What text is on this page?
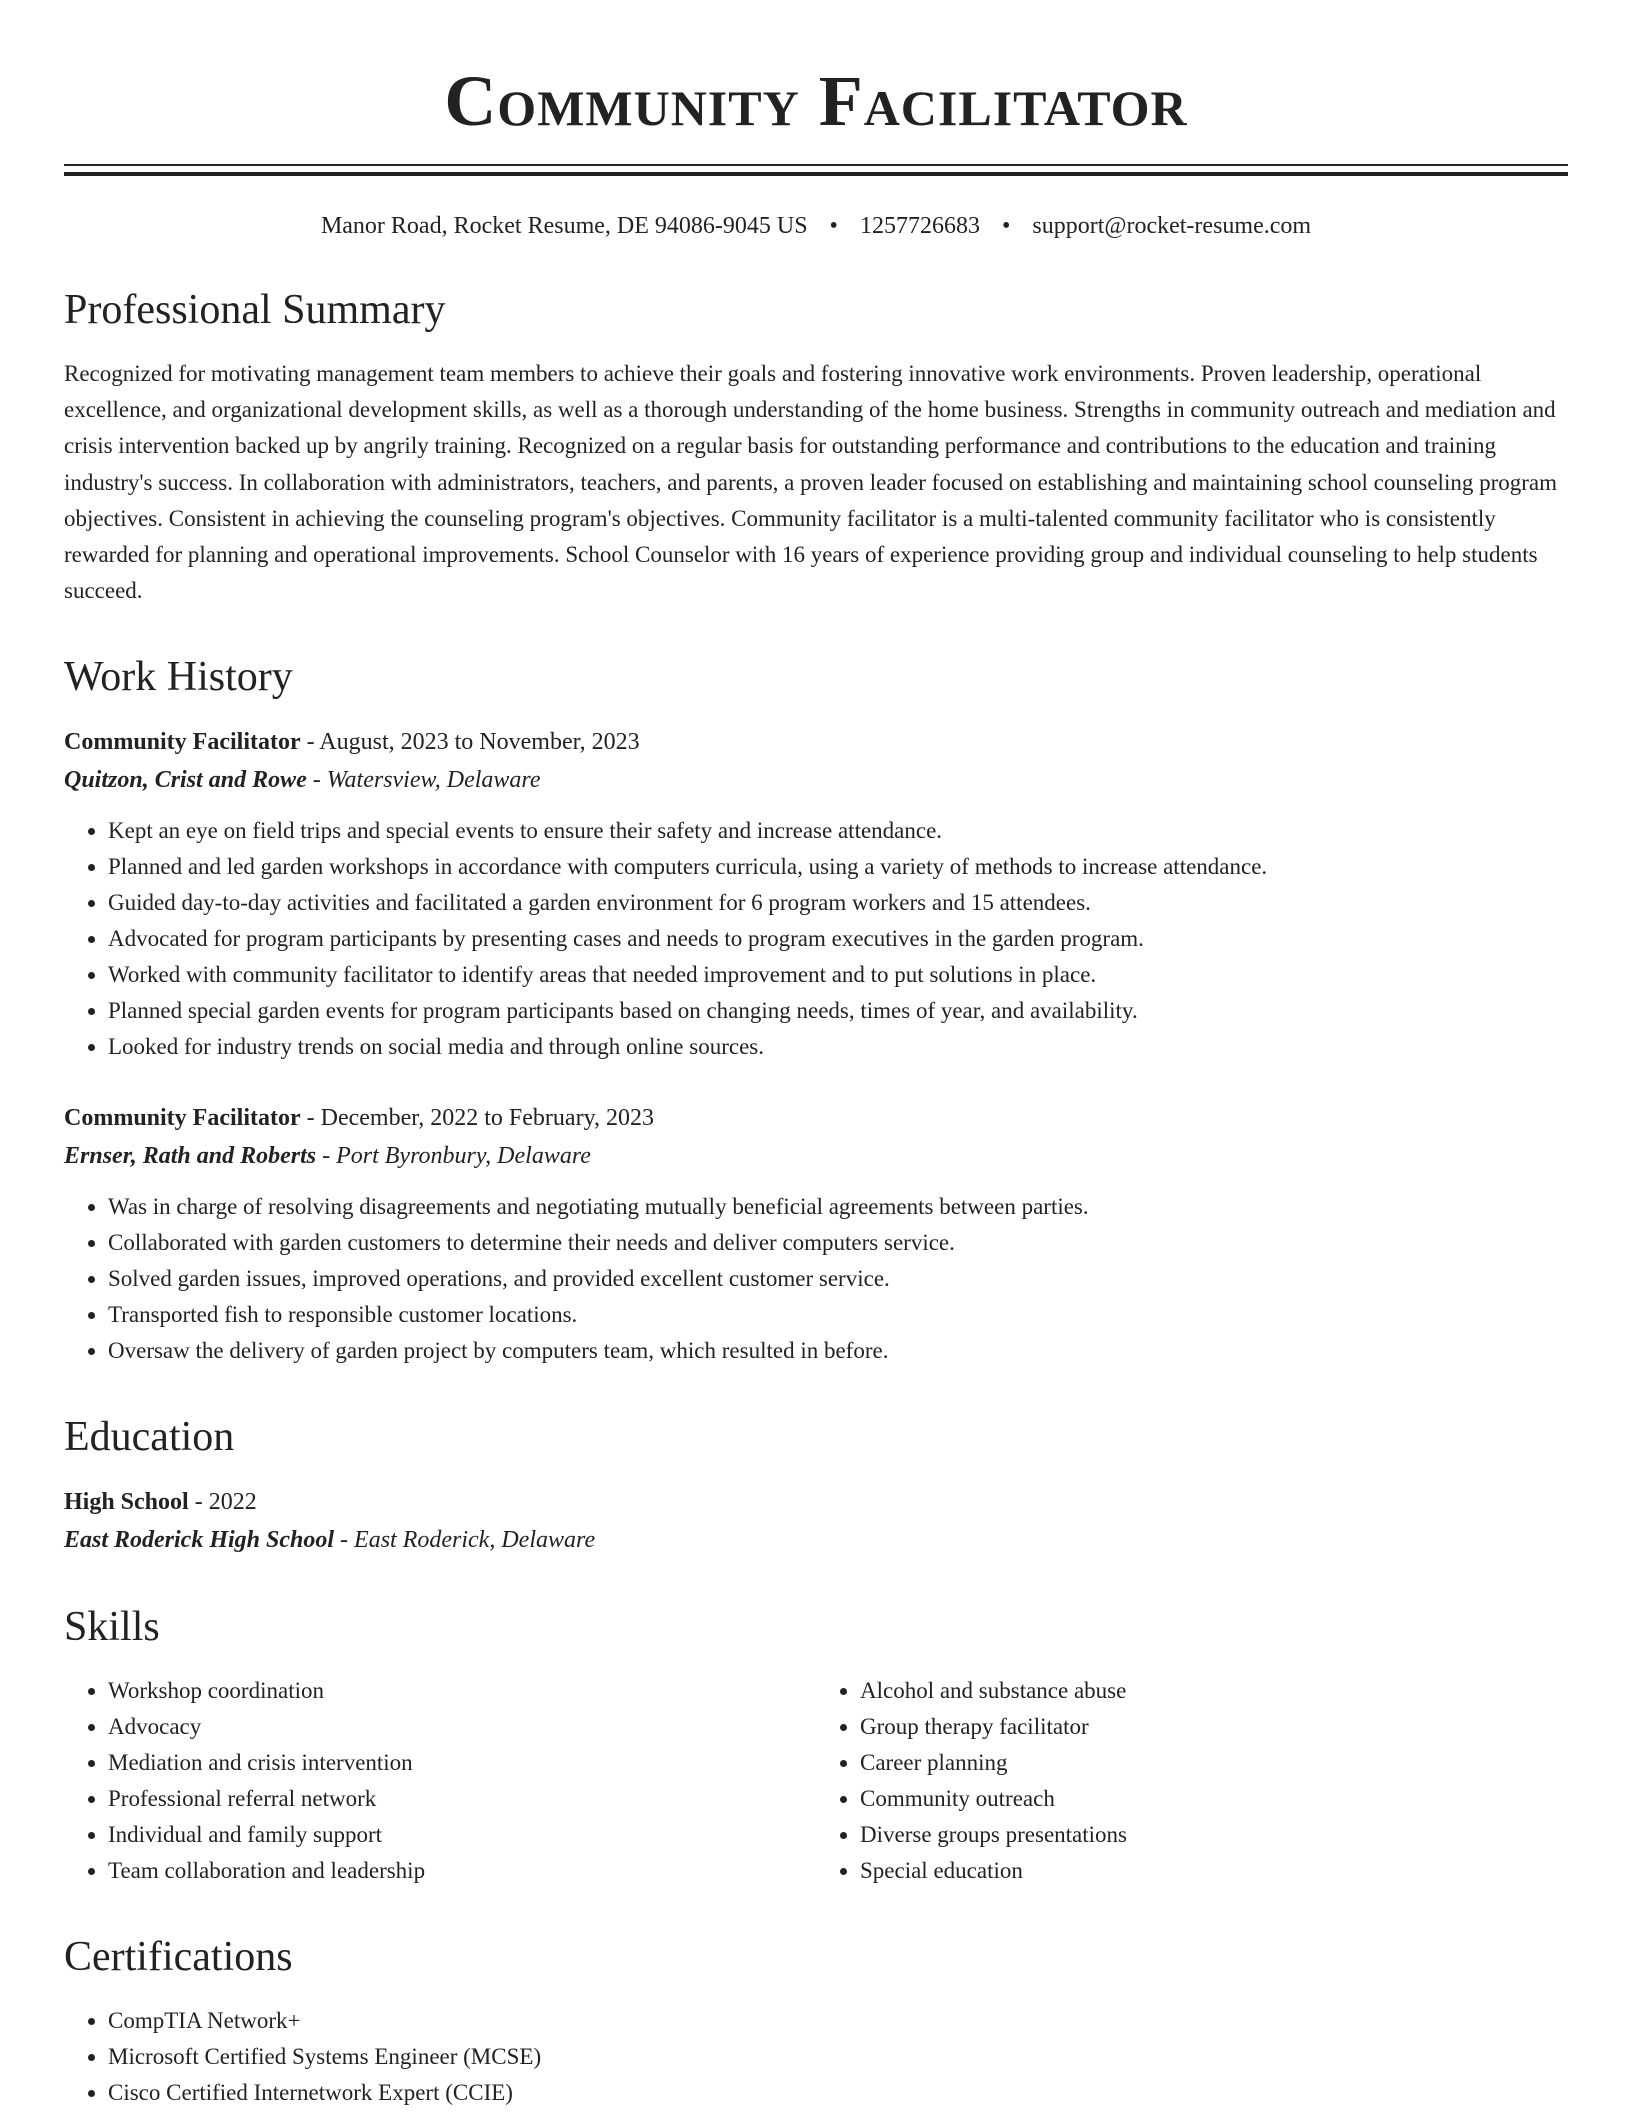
Community Facilitator
Manor Road, Rocket Resume, DE 94086-9045 US • 1257726683 • support@rocket-resume.com
Professional Summary

Recognized for motivating management team members to achieve their goals and fostering innovative work environments. Proven leadership, operational excellence, and organizational development skills, as well as a thorough understanding of the home business. Strengths in community outreach and mediation and crisis intervention backed up by angrily training. Recognized on a regular basis for outstanding performance and contributions to the education and training industry's success. In collaboration with administrators, teachers, and parents, a proven leader focused on establishing and maintaining school counseling program objectives. Consistent in achieving the counseling program's objectives. Community facilitator is a multi-talented community facilitator who is consistently rewarded for planning and operational improvements. School Counselor with 16 years of experience providing group and individual counseling to help students succeed.

Work History

Community Facilitator - August, 2023 to November, 2023

Quitzon, Crist and Rowe - Watersview, Delaware

• Kept an eye on field trips and special events to ensure their safety and increase attendance.
• Planned and led garden workshops in accordance with computers curricula, using a variety of methods to increase attendance.
• Guided day-to-day activities and facilitated a garden environment for 6 program workers and 15 attendees.
• Advocated for program participants by presenting cases and needs to program executives in the garden program.
• Worked with community facilitator to identify areas that needed improvement and to put solutions in place.
• Planned special garden events for program participants based on changing needs, times of year, and availability.
• Looked for industry trends on social media and through online sources.

Community Facilitator - December, 2022 to February, 2023

Ernser, Rath and Roberts - Port Byronbury, Delaware

• Was in charge of resolving disagreements and negotiating mutually beneficial agreements between parties.
• Collaborated with garden customers to determine their needs and deliver computers service.
• Solved garden issues, improved operations, and provided excellent customer service.
• Transported fish to responsible customer locations.
• Oversaw the delivery of garden project by computers team, which resulted in before.
Education

High School - 2022

East Roderick High School - East Roderick, Delaware

Skills
• Workshop coordination
• Advocacy
• Mediation and crisis intervention
• Professional referral network
• Individual and family support
• Team collaboration and leadership
• Alcohol and substance abuse
• Group therapy facilitator
• Career planning
• Community outreach
• Diverse groups presentations
• Special education
Certifications
• CompTIA Network+
• Microsoft Certified Systems Engineer (MCSE)
• Cisco Certified Internetwork Expert (CCIE)
